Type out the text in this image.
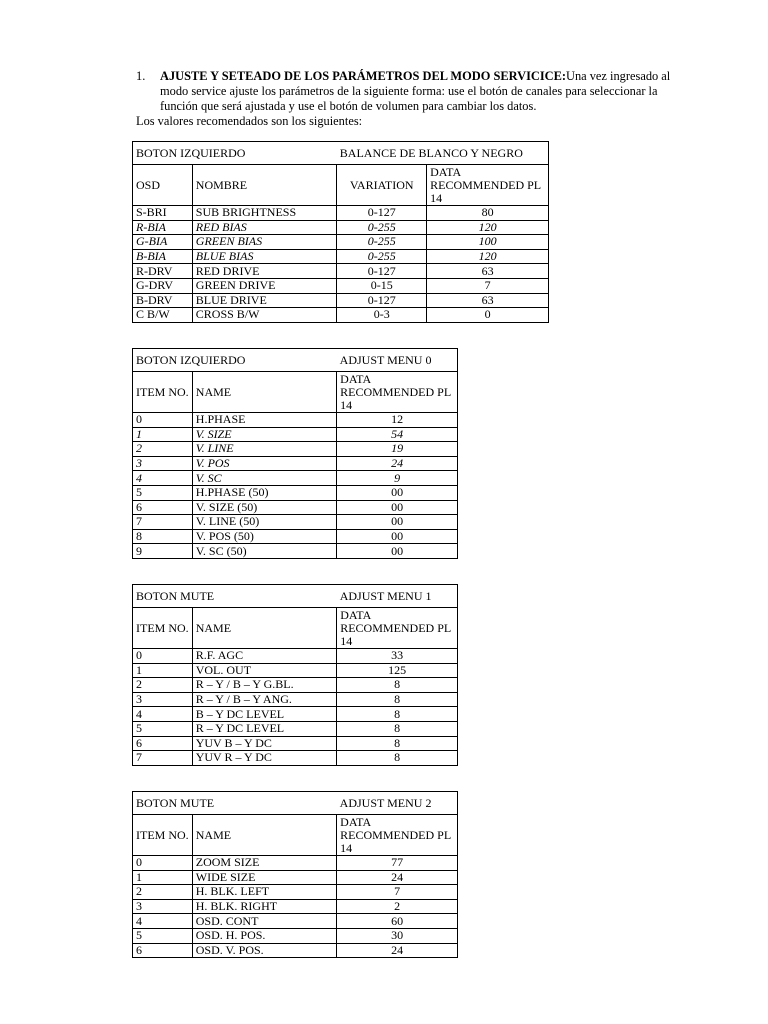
1. AJUSTE Y SETEADO DE LOS PARÁMETROS DEL MODO SERVICICE:Una vez ingresado al modo service ajuste los parámetros de la siguiente forma: use el botón de canales para seleccionar la función que será ajustada y use el botón de volumen para cambiar los datos.
Los valores recomendados son los siguientes:
BOTON IZQUIERDO		BALANCE DE BLANCO Y NEGRO	
OSD	NOMBRE	VARIATION	DATA RECOMMENDED PL 14
S-BRI	SUB BRIGHTNESS	0-127	80
R-BIA	RED BIAS	0-255	120
G-BIA	GREEN BIAS	0-255	100
B-BIA	BLUE BIAS	0-255	120
R-DRV	RED DRIVE	0-127	63
G-DRV	GREEN DRIVE	0-15	7
B-DRV	BLUE DRIVE	0-127	63
C B/W	CROSS B/W	0-3	0
BOTON IZQUIERDO		ADJUST MENU 0
ITEM NO.	NAME	DATA RECOMMENDED PL 14
0	H.PHASE	12
1	V. SIZE	54
2	V. LINE	19
3	V. POS	24
4	V. SC	9
5	H.PHASE (50)	00
6	V. SIZE (50)	00
7	V. LINE (50)	00
8	V. POS (50)	00
9	V. SC (50)	00
BOTON MUTE		ADJUST MENU 1
ITEM NO.	NAME	DATA RECOMMENDED PL 14
0	R.F. AGC	33
1	VOL. OUT	125
2	R – Y / B – Y G.BL.	8
3	R – Y / B – Y ANG.	8
4	B – Y DC LEVEL	8
5	R – Y DC LEVEL	8
6	YUV B – Y DC	8
7	YUV R – Y DC	8
BOTON MUTE		ADJUST MENU 2
ITEM NO.	NAME	DATA RECOMMENDED PL 14
0	ZOOM SIZE	77
1	WIDE SIZE	24
2	H. BLK. LEFT	7
3	H. BLK. RIGHT	2
4	OSD. CONT	60
5	OSD. H. POS.	30
6	OSD. V. POS.	24
